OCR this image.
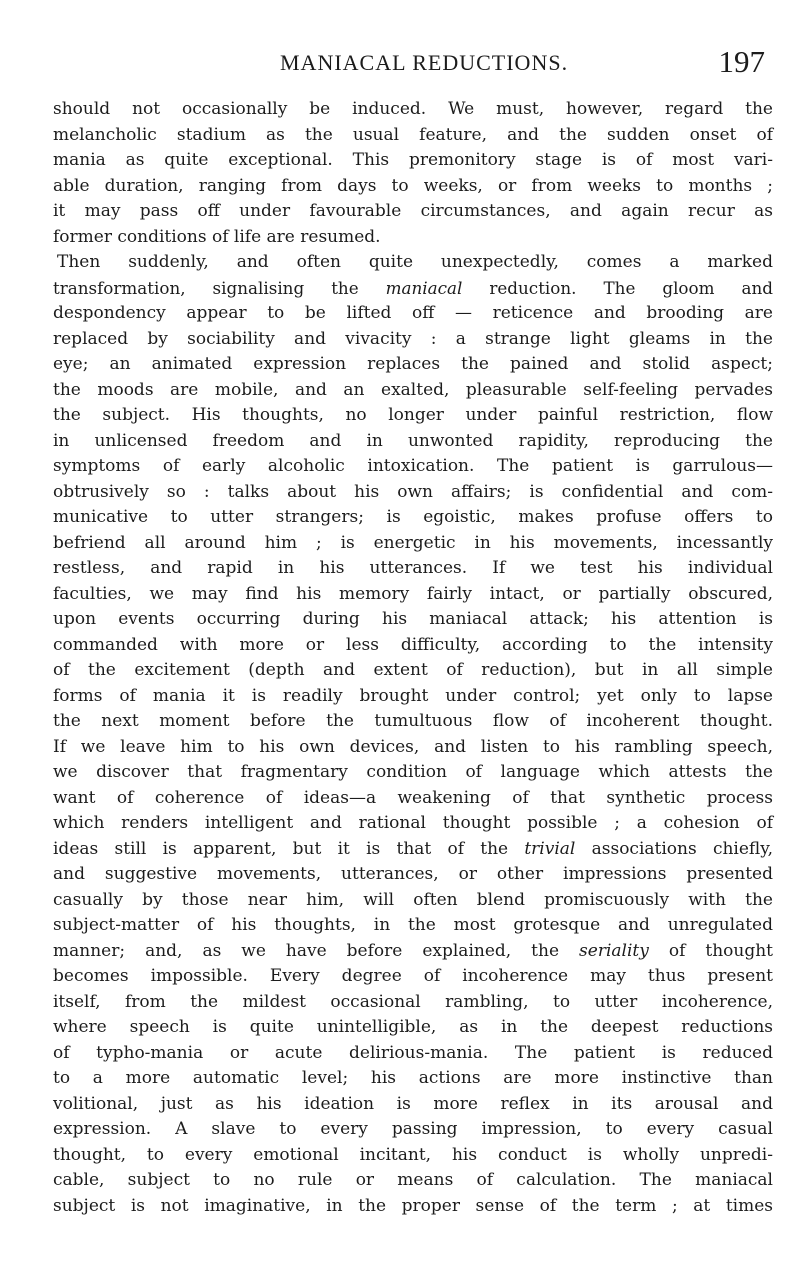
MANIACAL REDUCTIONS.	197
should not occasionally be induced. We must, however, regard the
melancholic stadium as the usual feature, and the sudden onset of
mania as quite exceptional. This premonitory stage is of most vari-
able duration, ranging from days to weeks, or from weeks to months ;
it may pass off under favourable circumstances, and again recur as
former conditions of life are resumed.
Then suddenly, and often quite unexpectedly, comes a marked
transformation, signalising the maniacal reduction. The gloom and
despondency appear to be lifted off — reticence and brooding are
replaced by sociability and vivacity : a strange light gleams in the
eye; an animated expression replaces the pained and stolid aspect;
the moods are mobile, and an exalted, pleasurable self-feeling pervades
the subject. His thoughts, no longer under painful restriction, flow
in unlicensed freedom and in unwonted rapidity, reproducing the
symptoms of early alcoholic intoxication. The patient is garrulous—
obtrusively so : talks about his own affairs; is confidential and com-
municative to utter strangers; is egoistic, makes profuse offers to
befriend all around him ; is energetic in his movements, incessantly
restless, and rapid in his utterances. If we test his individual
faculties, we may find his memory fairly intact, or partially obscured,
upon events occurring during his maniacal attack; his attention is
commanded with more or less difficulty, according to the intensity
of the excitement (depth and extent of reduction), but in all simple
forms of mania it is readily brought under control; yet only to lapse
the next moment before the tumultuous flow of incoherent thought.
If we leave him to his own devices, and listen to his rambling speech,
we discover that fragmentary condition of language which attests the
want of coherence of ideas—a weakening of that synthetic process
which renders intelligent and rational thought possible ; a cohesion of
ideas still is apparent, but it is that of the trivial associations chiefly,
and suggestive movements, utterances, or other impressions presented
casually by those near him, will often blend promiscuously with the
subject-matter of his thoughts, in the most grotesque and unregulated
manner; and, as we have before explained, the seriality of thought
becomes impossible. Every degree of incoherence may thus present
itself, from the mildest occasional rambling, to utter incoherence,
where speech is quite unintelligible, as in the deepest reductions
of typho-mania or acute delirious-mania. The patient is reduced
to a more automatic level; his actions are more instinctive than
volitional, just as his ideation is more reflex in its arousal and
expression. A slave to every passing impression, to every casual
thought, to every emotional incitant, his conduct is wholly unpredi-
cable, subject to no rule or means of calculation. The maniacal
subject is not imaginative, in the proper sense of the term ; at times
